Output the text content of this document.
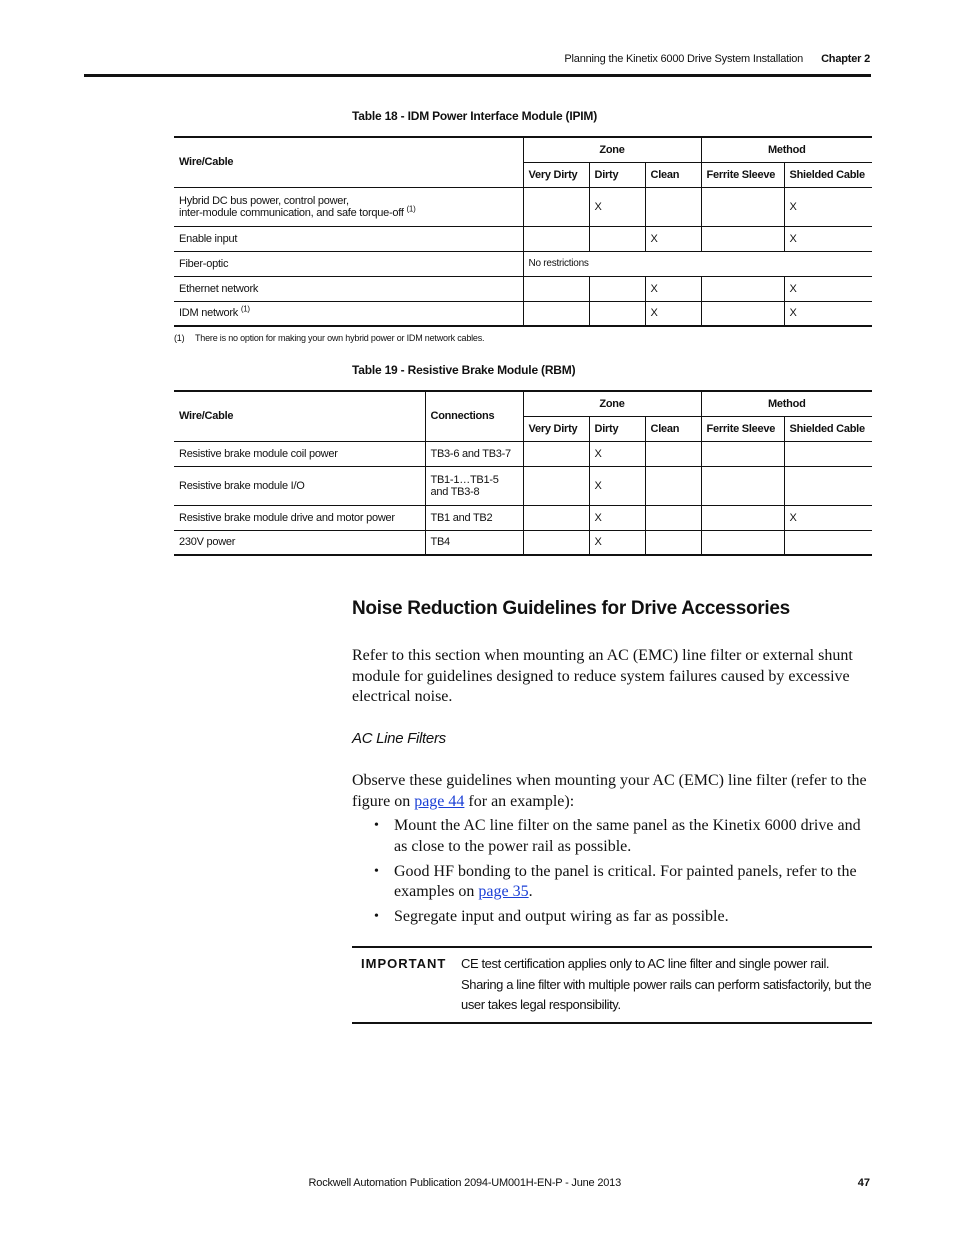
Planning the Kinetix 6000 Drive System Installation Chapter 2
Table 18 - IDM Power Interface Module (IPIM)
Wire/Cable	Zone			Method	
	Very Dirty	Dirty	Clean	Ferrite Sleeve	Shielded Cable
Hybrid DC bus power, control power,
inter-module communication, and safe torque-off $^{(1)}$		X			X
Enable input			X		X
Fiber-optic	No restrictions				
Ethernet network			X		X
IDM network $^{(1)}$			X		X
(1) There is no option for making your own hybrid power or IDM network cables.
Table 19 - Resistive Brake Module (RBM)
Wire/Cable	Connections	Zone			Method	
		Very Dirty	Dirty	Clean	Ferrite Sleeve	Shielded Cable
Resistive brake module coil power	TB3-6 and TB3-7		X			
Resistive brake module I/O	TB1-1…TB1-5
and TB3-8		X			
Resistive brake module drive and motor power	TB1 and TB2		X			X
230V power	TB4		X			
Noise Reduction Guidelines for Drive Accessories

Refer to this section when mounting an AC (EMC) line filter or external shunt module for guidelines designed to reduce system failures caused by excessive electrical noise.

AC Line Filters

Observe these guidelines when mounting your AC (EMC) line filter (refer to the figure on page 44 for an example):

• Mount the AC line filter on the same panel as the Kinetix 6000 drive and as close to the power rail as possible.
• Good HF bonding to the panel is critical. For painted panels, refer to the examples on page 35.
• Segregate input and output wiring as far as possible.
IMPORTANT CE test certification applies only to AC line filter and single power rail. Sharing a line filter with multiple power rails can perform satisfactorily, but the user takes legal responsibility.
Rockwell Automation Publication 2094-UM001H-EN-P - June 2013	47
